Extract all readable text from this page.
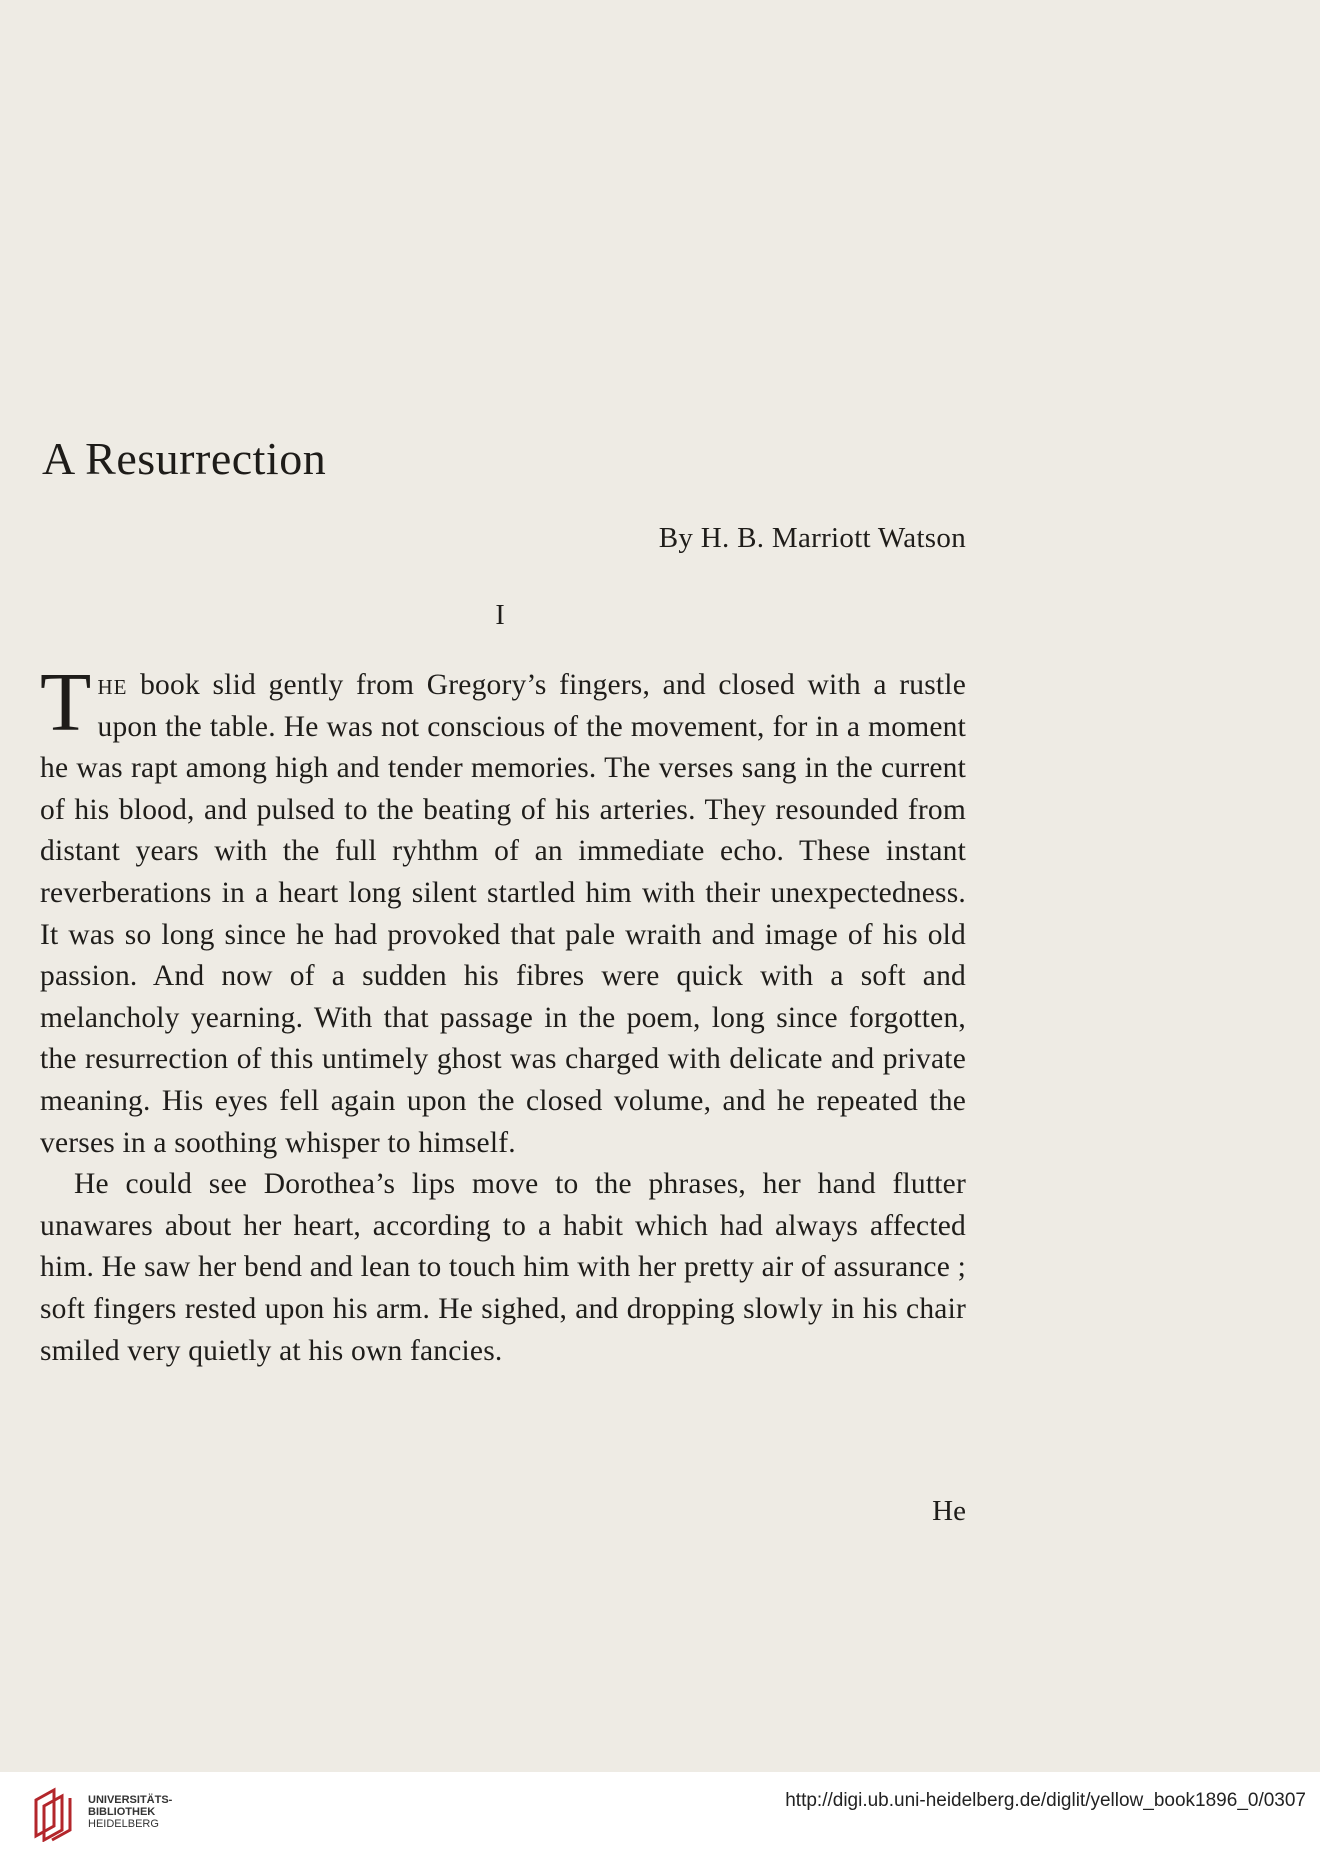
A Resurrection
By H. B. Marriott Watson
I

The book slid gently from Gregory’s fingers, and closed with a rustle upon the table. He was not conscious of the movement, for in a moment he was rapt among high and tender memories. The verses sang in the current of his blood, and pulsed to the beating of his arteries. They resounded from distant years with the full ryhthm of an immediate echo. These instant reverberations in a heart long silent startled him with their unexpectedness. It was so long since he had provoked that pale wraith and image of his old passion. And now of a sudden his fibres were quick with a soft and melancholy yearning. With that passage in the poem, long since forgotten, the resurrection of this untimely ghost was charged with delicate and private meaning. His eyes fell again upon the closed volume, and he repeated the verses in a soothing whisper to himself.

He could see Dorothea’s lips move to the phrases, her hand flutter unawares about her heart, according to a habit which had always affected him. He saw her bend and lean to touch him with her pretty air of assurance ; soft fingers rested upon his arm. He sighed, and dropping slowly in his chair smiled very quietly at his own fancies.

He
UNIVERSITÄTS-
BIBLIOTHEK
HEIDELBERG
http://digi.ub.uni-heidelberg.de/diglit/yellow_book1896_0/0307
